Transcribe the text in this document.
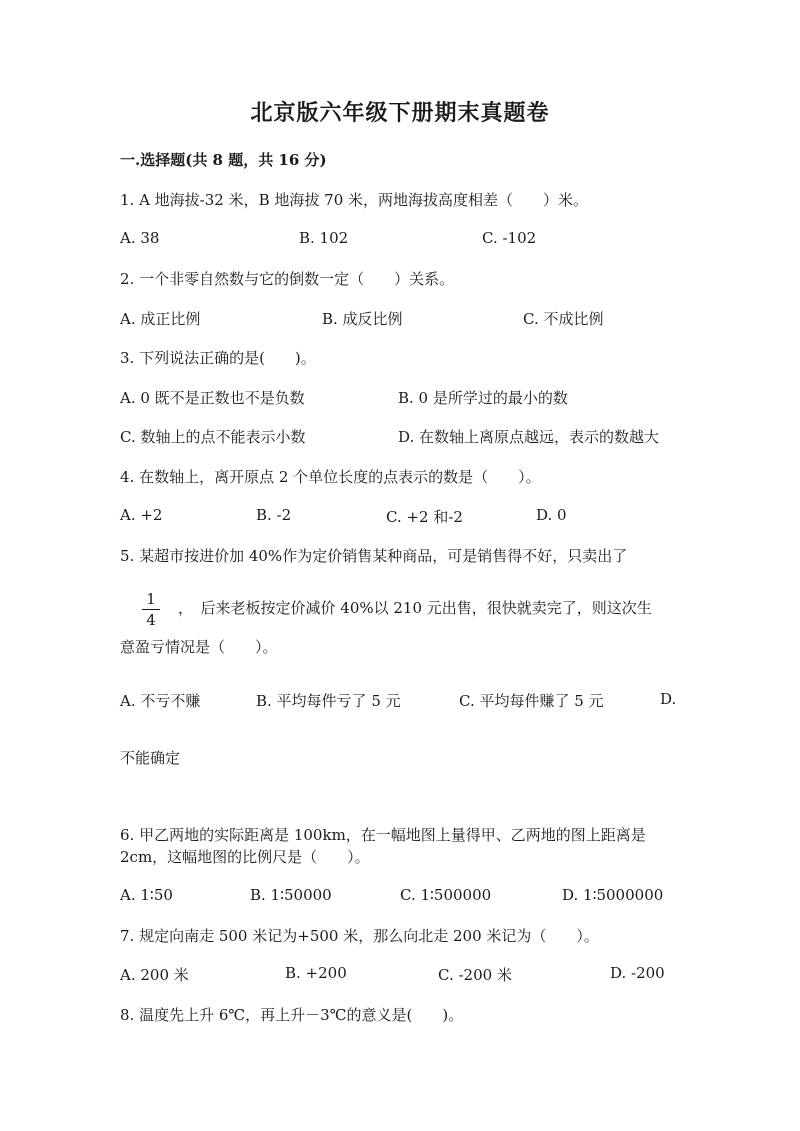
北京版六年级下册期末真题卷
一.选择题(共 8 题，共 16 分)
1. A 地海拔-32 米，B 地海拔 70 米，两地海拔高度相差（　　）米。
A. 38	B. 102	C. -102
2. 一个非零自然数与它的倒数一定（　　）关系。
A. 成正比例	B. 成反比例	C. 不成比例
3. 下列说法正确的是(　　)。
A. 0 既不是正数也不是负数	B. 0 是所学过的最小的数
C. 数轴上的点不能表示小数	D. 在数轴上离原点越远，表示的数越大
4. 在数轴上，离开原点 2 个单位长度的点表示的数是（　　）。
A. +2	B. -2	C. +2 和-2	D. 0
5. 某超市按进价加 40%作为定价销售某种商品，可是销售得不好，只卖出了
1
4
，　后来老板按定价减价 40%以 210 元出售，很快就卖完了，则这次生
意盈亏情况是（　　）。
A. 不亏不赚	B. 平均每件亏了 5 元	C. 平均每件赚了 5 元	D.
不能确定
6. 甲乙两地的实际距离是 100km，在一幅地图上量得甲、乙两地的图上距离是
2cm，这幅地图的比例尺是（　　）。
A. 1∶50	B. 1∶50000	C. 1∶500000	D. 1∶5000000
7. 规定向南走 500 米记为+500 米，那么向北走 200 米记为（　　）。
A. 200 米	B. +200	C. -200 米	D. -200
8. 温度先上升 6℃，再上升－3℃的意义是(　　)。
